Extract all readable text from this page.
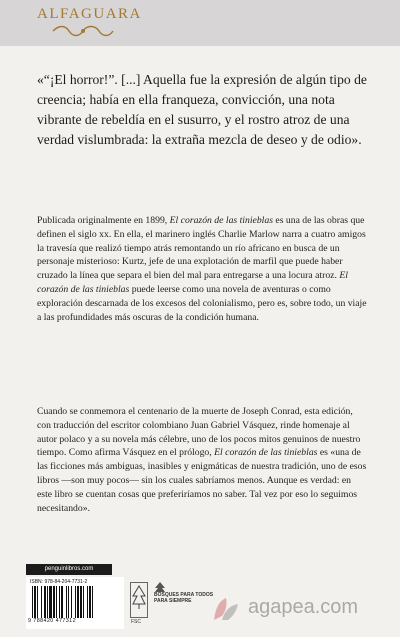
ALFAGUARA

«“¡El horror!”. [...] Aquella fue la expresión de algún tipo de creencia; había en ella franqueza, convicción, una nota vibrante de rebeldía en el susurro, y el rostro atroz de una verdad vislumbrada: la extraña mezcla de deseo y de odio».

Publicada originalmente en 1899, El corazón de las tinieblas es una de las obras que definen el siglo xx. En ella, el marinero inglés Charlie Marlow narra a cuatro amigos la travesía que realizó tiempo atrás remontando un río africano en busca de un personaje misterioso: Kurtz, jefe de una explotación de marfil que puede haber cruzado la línea que separa el bien del mal para entregarse a una locura atroz. El corazón de las tinieblas puede leerse como una novela de aventuras o como exploración descarnada de los excesos del colonialismo, pero es, sobre todo, un viaje a las profundidades más oscuras de la condición humana.

Cuando se conmemora el centenario de la muerte de Joseph Conrad, esta edición, con traducción del escritor colombiano Juan Gabriel Vásquez, rinde homenaje al autor polaco y a su novela más célebre, uno de los pocos mitos genuinos de nuestro tiempo. Como afirma Vásquez en el prólogo, El corazón de las tinieblas es «una de las ficciones más ambiguas, inasibles y enigmáticas de nuestra tradición, uno de esos libros —son muy pocos— sin los cuales sabríamos menos. Aunque es verdad: en este libro se cuentan cosas que preferiríamos no saber. Tal vez por eso lo seguimos necesitando».

penguinlibros.com
ISBN: 978-84-204-7731-2
9 788420 477312	FSC
BOSQUES PARA TODOS PARA SIEMPRE	agapea.com
